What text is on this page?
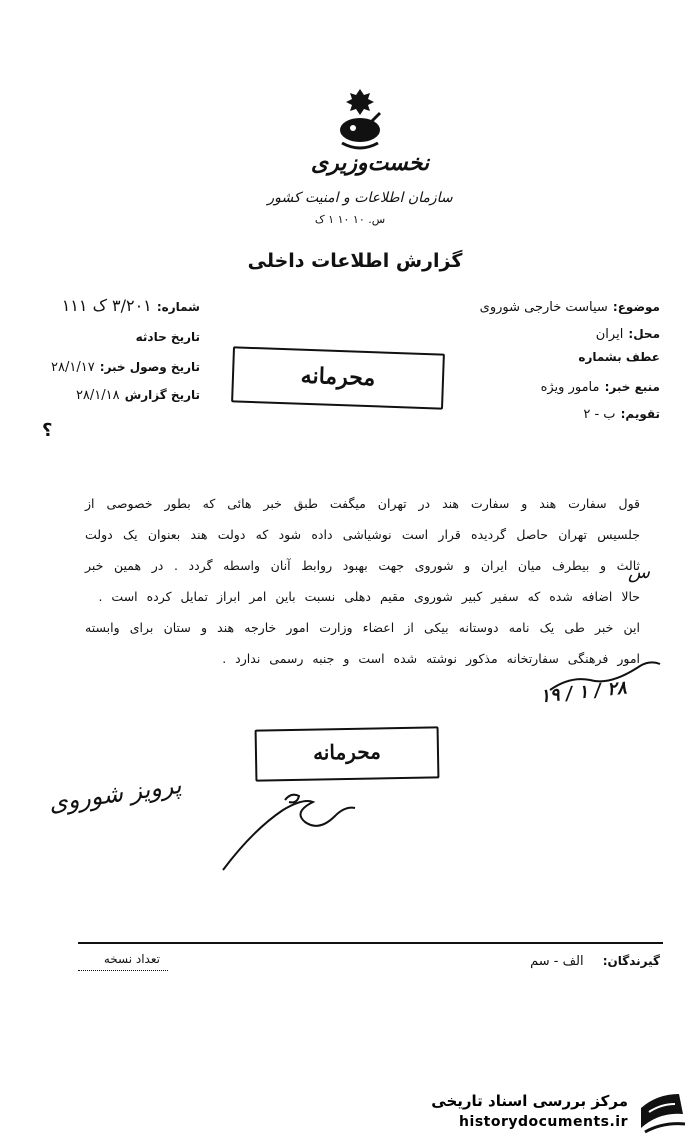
نخست‌وزیری
سازمان اطلاعات و امنیت کشور
س. ۱۰ ۱۰ ۱ ک
گزارش اطلاعات داخلی
شماره: ۳/۲۰۱ ک ۱۱۱
تاریخ حادثه
تاریخ وصول خبر: ۲۸/۱/۱۷
تاریخ گزارش ۲۸/۱/۱۸
موضوع: سیاست خارجی شوروی
محل: ایران
عطف بشماره
منبع خبر: مامور ویژه
تقویم: ب - ۲
محرمانه
؟
قول سفارت هند و سفارت هند در تهران میگفت طبق خبر هائی که بطور خصوصی از جلسیس تهران حاصل گردیده قرار است نوشیاشی داده شود که دولت هند بعنوان یک دولت ثالث و بیطرف میان ایران و شوروی جهت بهبود روابط آنان واسطه گردد . در همین خبر حالا اضافه شده که سفیر کبیر شوروی مقیم دهلی نسبت باین امر ابراز تمایل کرده است .
این خبر طی یک نامه دوستانه بیکی از اعضاء وزارت امور خارجه هند و ستان برای وابسته امور فرهنگی سفارتخانه مذکور نوشته شده است و جنبه رسمی ندارد .
س
۱۹ / ۱ / ۲۸
محرمانه
پرویز شوروی
گیرندگان: الف - سم
تعداد نسخه
مرکز بررسی اسناد تاریخی
historydocuments.ir
